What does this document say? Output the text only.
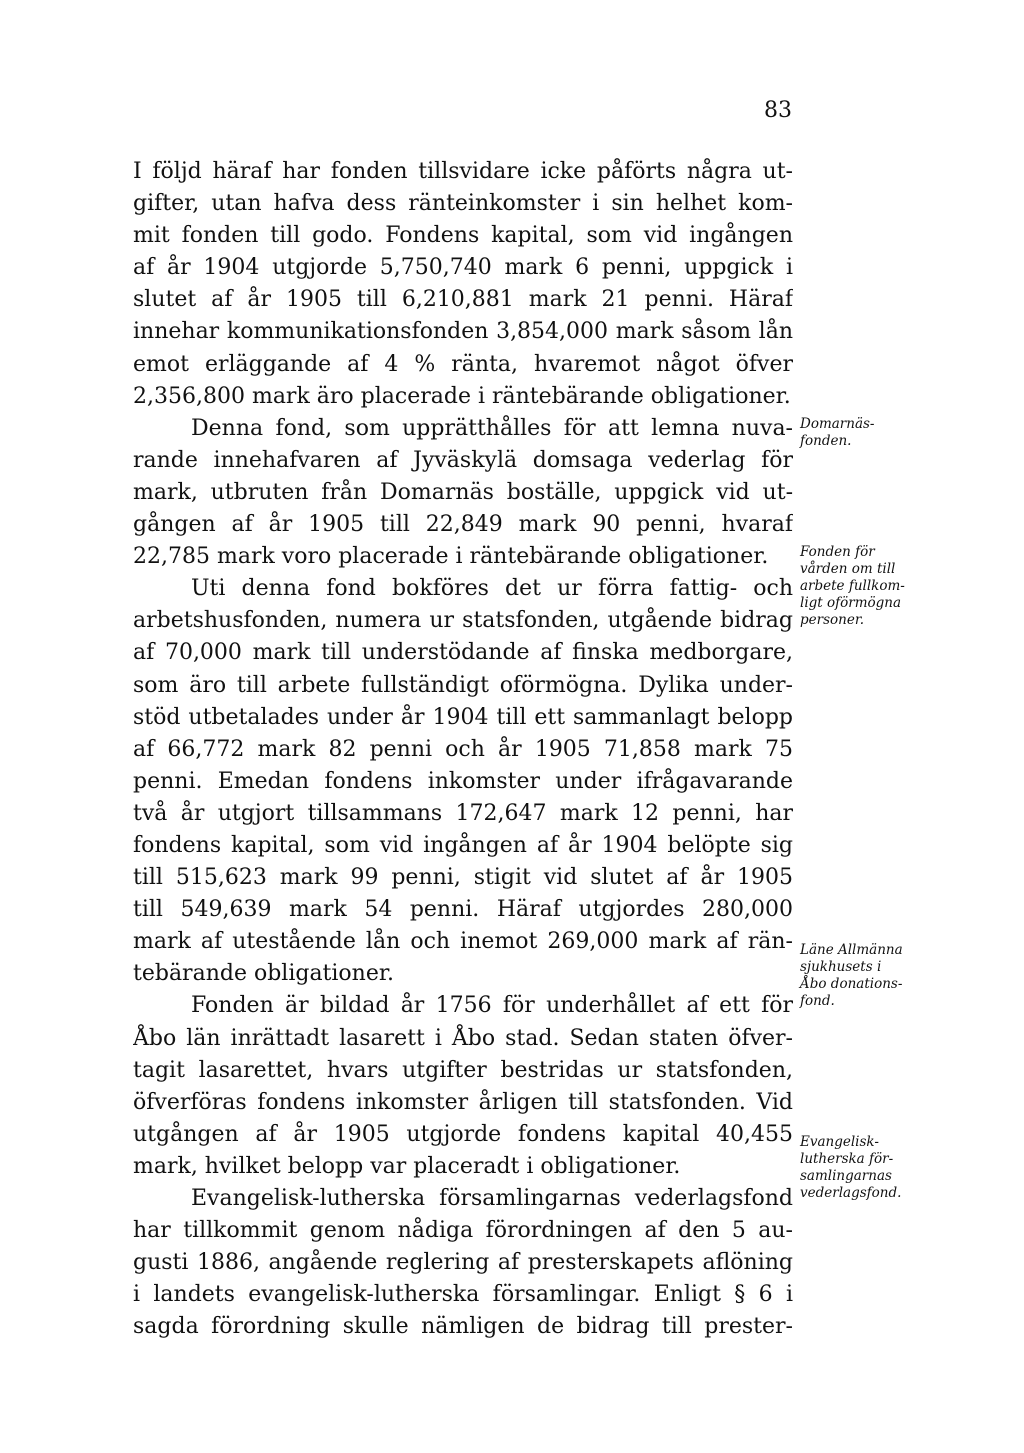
83
I följd häraf har fonden tillsvidare icke påförts några ut-
gifter, utan hafva dess ränteinkomster i sin helhet kom-
mit fonden till godo. Fondens kapital, som vid ingången
af år 1904 utgjorde 5,750,740 mark 6 penni, uppgick i
slutet af år 1905 till 6,210,881 mark 21 penni. Häraf
innehar kommunikationsfonden 3,854,000 mark såsom lån
emot erläggande af 4 % ränta, hvaremot något öfver
2,356,800 mark äro placerade i räntebärande obligationer.
Denna fond, som upprätthålles för att lemna nuva-
rande innehafvaren af Jyväskylä domsaga vederlag för
mark, utbruten från Domarnäs boställe, uppgick vid ut-
gången af år 1905 till 22,849 mark 90 penni, hvaraf
22,785 mark voro placerade i räntebärande obligationer.
Uti denna fond bokföres det ur förra fattig- och
arbetshusfonden, numera ur statsfonden, utgående bidrag
af 70,000 mark till understödande af finska medborgare,
som äro till arbete fullständigt oförmögna. Dylika under-
stöd utbetalades under år 1904 till ett sammanlagt belopp
af 66,772 mark 82 penni och år 1905 71,858 mark 75
penni. Emedan fondens inkomster under ifrågavarande
två år utgjort tillsammans 172,647 mark 12 penni, har
fondens kapital, som vid ingången af år 1904 belöpte sig
till 515,623 mark 99 penni, stigit vid slutet af år 1905
till 549,639 mark 54 penni. Häraf utgjordes 280,000
mark af utestående lån och inemot 269,000 mark af rän-
tebärande obligationer.
Fonden är bildad år 1756 för underhållet af ett för
Åbo län inrättadt lasarett i Åbo stad. Sedan staten öfver-
tagit lasarettet, hvars utgifter bestridas ur statsfonden,
öfverföras fondens inkomster årligen till statsfonden. Vid
utgången af år 1905 utgjorde fondens kapital 40,455
mark, hvilket belopp var placeradt i obligationer.
Evangelisk-lutherska församlingarnas vederlagsfond
har tillkommit genom nådiga förordningen af den 5 au-
gusti 1886, angående reglering af presterskapets aflöning
i landets evangelisk-lutherska församlingar. Enligt § 6 i
sagda förordning skulle nämligen de bidrag till prester-
Domarnäs-
fonden.
Fonden för
vården om till
arbete fullkom-
ligt oförmögna
personer.
Läne Allmänna
sjukhusets i
Åbo donations-
fond.
Evangelisk-
lutherska för-
samlingarnas
vederlagsfond.
